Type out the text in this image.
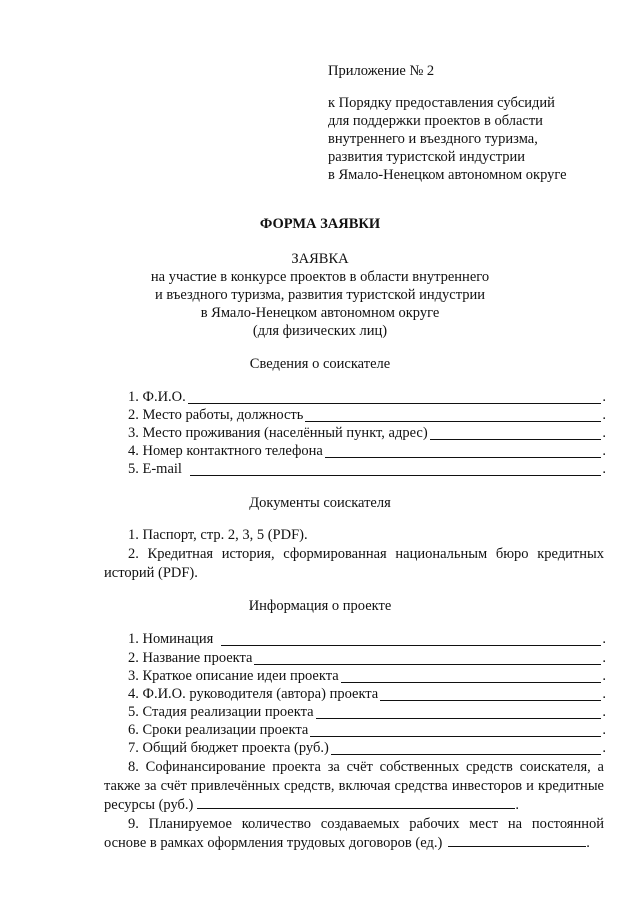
Приложение № 2
к Порядку предоставления субсидий
для поддержки проектов в области
внутреннего и въездного туризма,
развития туристской индустрии
в Ямало-Ненецком автономном округе
ФОРМА ЗАЯВКИ
ЗАЯВКА
на участие в конкурсе проектов в области внутреннего
и въездного туризма, развития туристской индустрии
в Ямало-Ненецком автономном округе
(для физических лиц)
Сведения о соискателе
1. Ф.И.О.	.
2. Место работы, должность	.
3. Место проживания (населённый пункт, адрес)	.
4. Номер контактного телефона	.
5. E-mail	.
Документы соискателя
1. Паспорт, стр. 2, 3, 5 (PDF).
2. Кредитная история, сформированная национальным бюро кредитных историй (PDF).
Информация о проекте
1. Номинация	.
2. Название проекта	.
3. Краткое описание идеи проекта	.
4. Ф.И.О. руководителя (автора) проекта	.
5. Стадия реализации проекта	.
6. Сроки реализации проекта	.
7. Общий бюджет проекта (руб.)	.
8. Софинансирование проекта за счёт собственных средств соискателя, а также за счёт привлечённых средств, включая средства инвесторов и кредитные ресурсы (руб.)	.
9. Планируемое количество создаваемых рабочих мест на постоянной основе в рамках оформления трудовых договоров (ед.)	.
